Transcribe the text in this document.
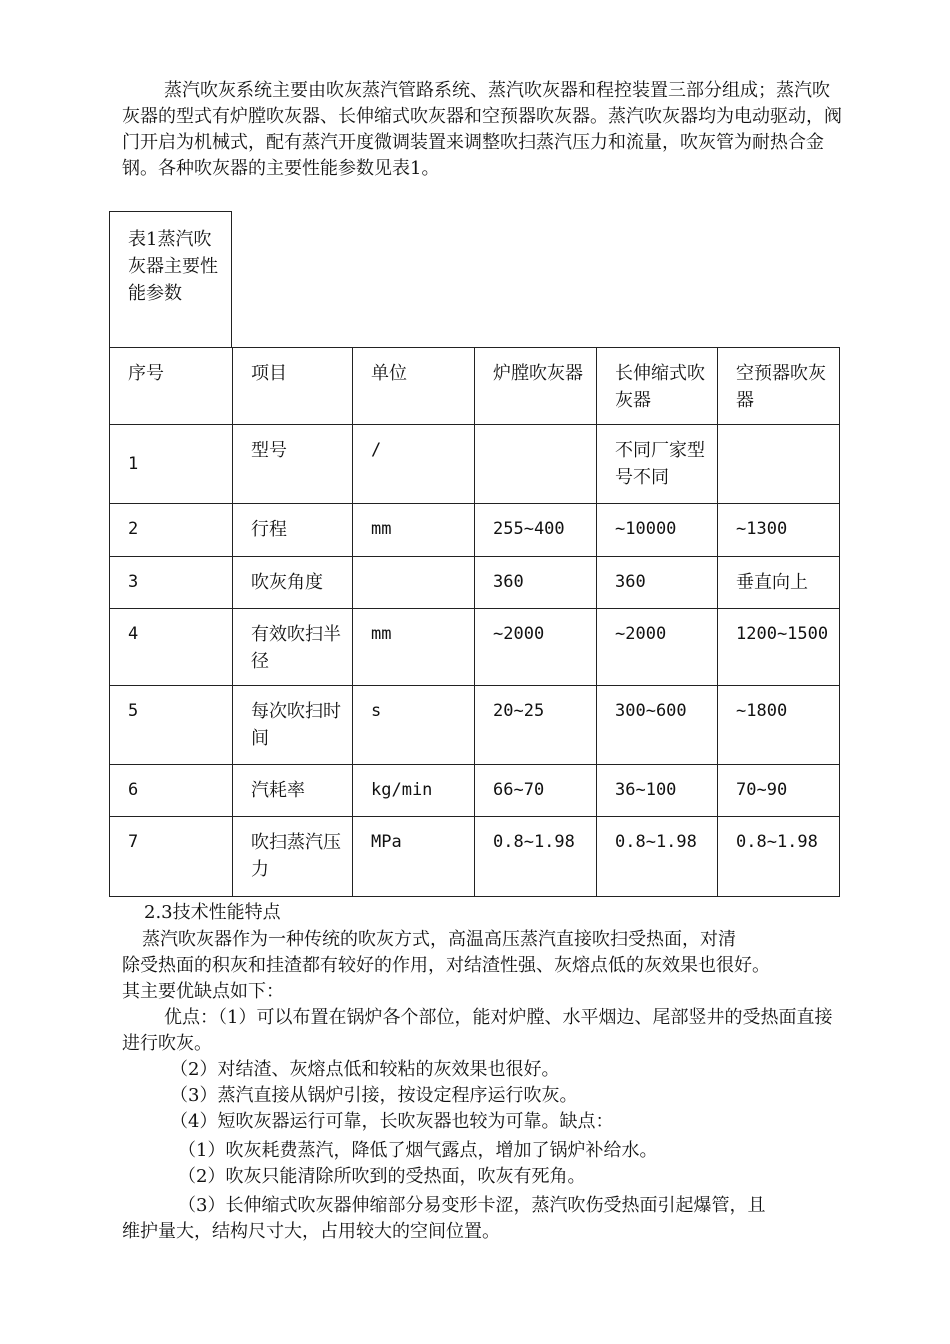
蒸汽吹灰系统主要由吹灰蒸汽管路系统、蒸汽吹灰器和程控装置三部分组成；蒸汽吹灰器的型式有炉膛吹灰器、长伸缩式吹灰器和空预器吹灰器。蒸汽吹灰器均为电动驱动，阀门开启为机械式，配有蒸汽开度微调装置来调整吹扫蒸汽压力和流量，吹灰管为耐热合金钢。各种吹灰器的主要性能参数见表1。

表1蒸汽吹灰器主要性能参数
序号	项目	单位	炉膛吹灰器	长伸缩式吹灰器	空预器吹灰器
1	型号	/		不同厂家型号不同	
2	行程	mm	255~400	~10000	~1300
3	吹灰角度		360	360	垂直向上
4	有效吹扫半径	mm	~2000	~2000	1200~1500
5	每次吹扫时间	s	20~25	300~600	~1800
6	汽耗率	kg/min	66~70	36~100	70~90
7	吹扫蒸汽压力	MPa	0.8~1.98	0.8~1.98	0.8~1.98

2.3技术性能特点

蒸汽吹灰器作为一种传统的吹灰方式，高温高压蒸汽直接吹扫受热面，对清

除受热面的积灰和挂渣都有较好的作用，对结渣性强、灰熔点低的灰效果也很好。

其主要优缺点如下：

优点：（1）可以布置在锅炉各个部位，能对炉膛、水平烟边、尾部竖井的受热面直接进行吹灰。

（2）对结渣、灰熔点低和较粘的灰效果也很好。

（3）蒸汽直接从锅炉引接，按设定程序运行吹灰。

（4）短吹灰器运行可靠，长吹灰器也较为可靠。缺点：

（1）吹灰耗费蒸汽，降低了烟气露点，增加了锅炉补给水。

（2）吹灰只能清除所吹到的受热面，吹灰有死角。

（3）长伸缩式吹灰器伸缩部分易变形卡涩，蒸汽吹伤受热面引起爆管，且

维护量大，结构尺寸大，占用较大的空间位置。
